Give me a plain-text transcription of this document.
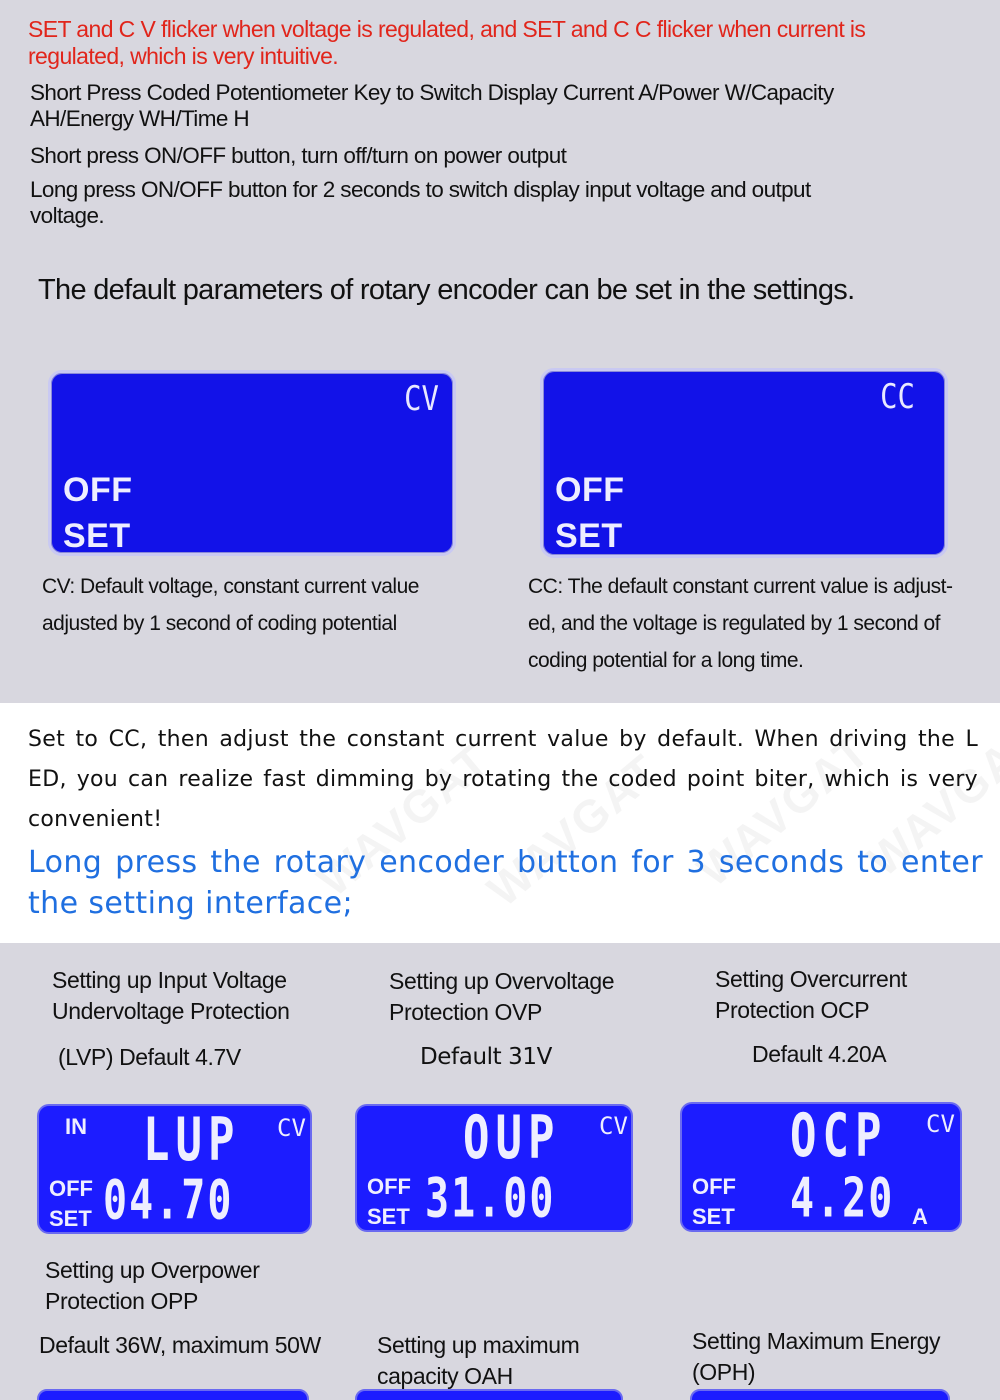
SET and C V flicker when voltage is regulated, and SET and C C flicker when current is regulated, which is very intuitive.
Short Press Coded Potentiometer Key to Switch Display Current A/Power W/Capacity AH/Energy WH/Time H
Short press ON/OFF button, turn off/turn on power output
Long press ON/OFF button for 2 seconds to switch display input voltage and output voltage.
The default parameters of rotary encoder can be set in the settings.
CV
OFF
SET
CV: Default voltage, constant current value adjusted by 1 second of coding potential
CC
OFF
SET
CC: The default constant current value is adjust-ed, and the voltage is regulated by 1 second of coding potential for a long time.
Set to CC, then adjust the constant current value by default. When driving the L ED, you can realize fast dimming by rotating the coded point biter, which is very convenient!
Long press the rotary encoder button for 3 seconds to enter the setting interface;
Setting up Input Voltage Undervoltage Protection
(LVP) Default 4.7V
IN LUP CV
OFF
SET 04.70
Setting up Overvoltage Protection OVP
Default 31V
OUP CV
OFF
SET 31.00
Setting Overcurrent Protection OCP
Default 4.20A
OCP CV
OFF
SET 4.20 A
Setting up Overpower Protection OPP
Default 36W, maximum 50W	Setting up maximum capacity OAH
Setting Maximum Energy (OPH)
